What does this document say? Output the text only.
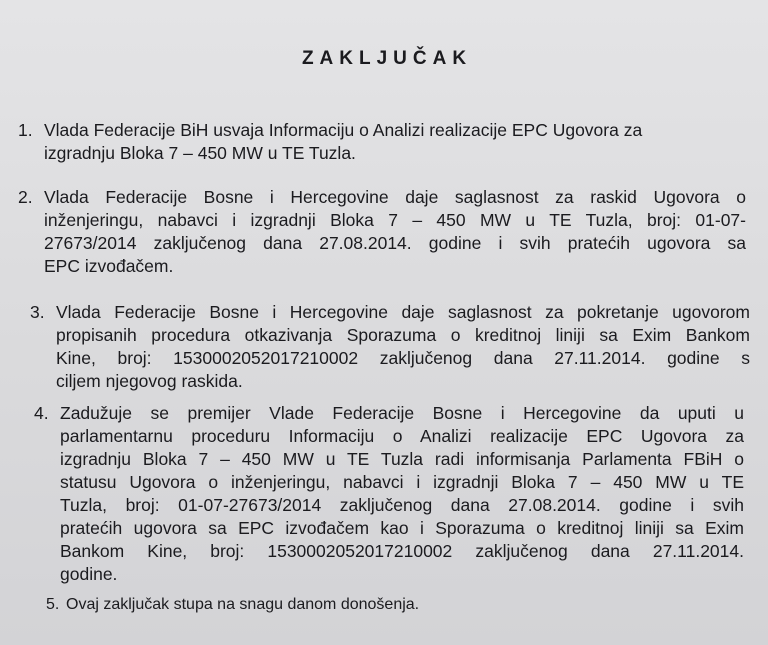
ZAKLJUČAK
1. Vlada Federacije BiH usvaja Informaciju o Analizi realizacije EPC Ugovora za
izgradnju Bloka 7 – 450 MW u TE Tuzla.
2. Vlada Federacije Bosne i Hercegovine daje saglasnost za raskid Ugovora o
inženjeringu, nabavci i izgradnji Bloka 7 – 450 MW u TE Tuzla, broj: 01-07-
27673/2014 zaključenog dana 27.08.2014. godine i svih pratećih ugovora sa
EPC izvođačem.
3. Vlada Federacije Bosne i Hercegovine daje saglasnost za pokretanje ugovorom
propisanih procedura otkazivanja Sporazuma o kreditnoj liniji sa Exim Bankom
Kine, broj: 1530002052017210002 zaključenog dana 27.11.2014. godine s
ciljem njegovog raskida.
4. Zadužuje se premijer Vlade Federacije Bosne i Hercegovine da uputi u
parlamentarnu proceduru Informaciju o Analizi realizacije EPC Ugovora za
izgradnju Bloka 7 – 450 MW u TE Tuzla radi informisanja Parlamenta FBiH o
statusu Ugovora o inženjeringu, nabavci i izgradnji Bloka 7 – 450 MW u TE
Tuzla, broj: 01-07-27673/2014 zaključenog dana 27.08.2014. godine i svih
pratećih ugovora sa EPC izvođačem kao i Sporazuma o kreditnoj liniji sa Exim
Bankom Kine, broj: 1530002052017210002 zaključenog dana 27.11.2014.
godine.
5. Ovaj zaključak stupa na snagu danom donošenja.
